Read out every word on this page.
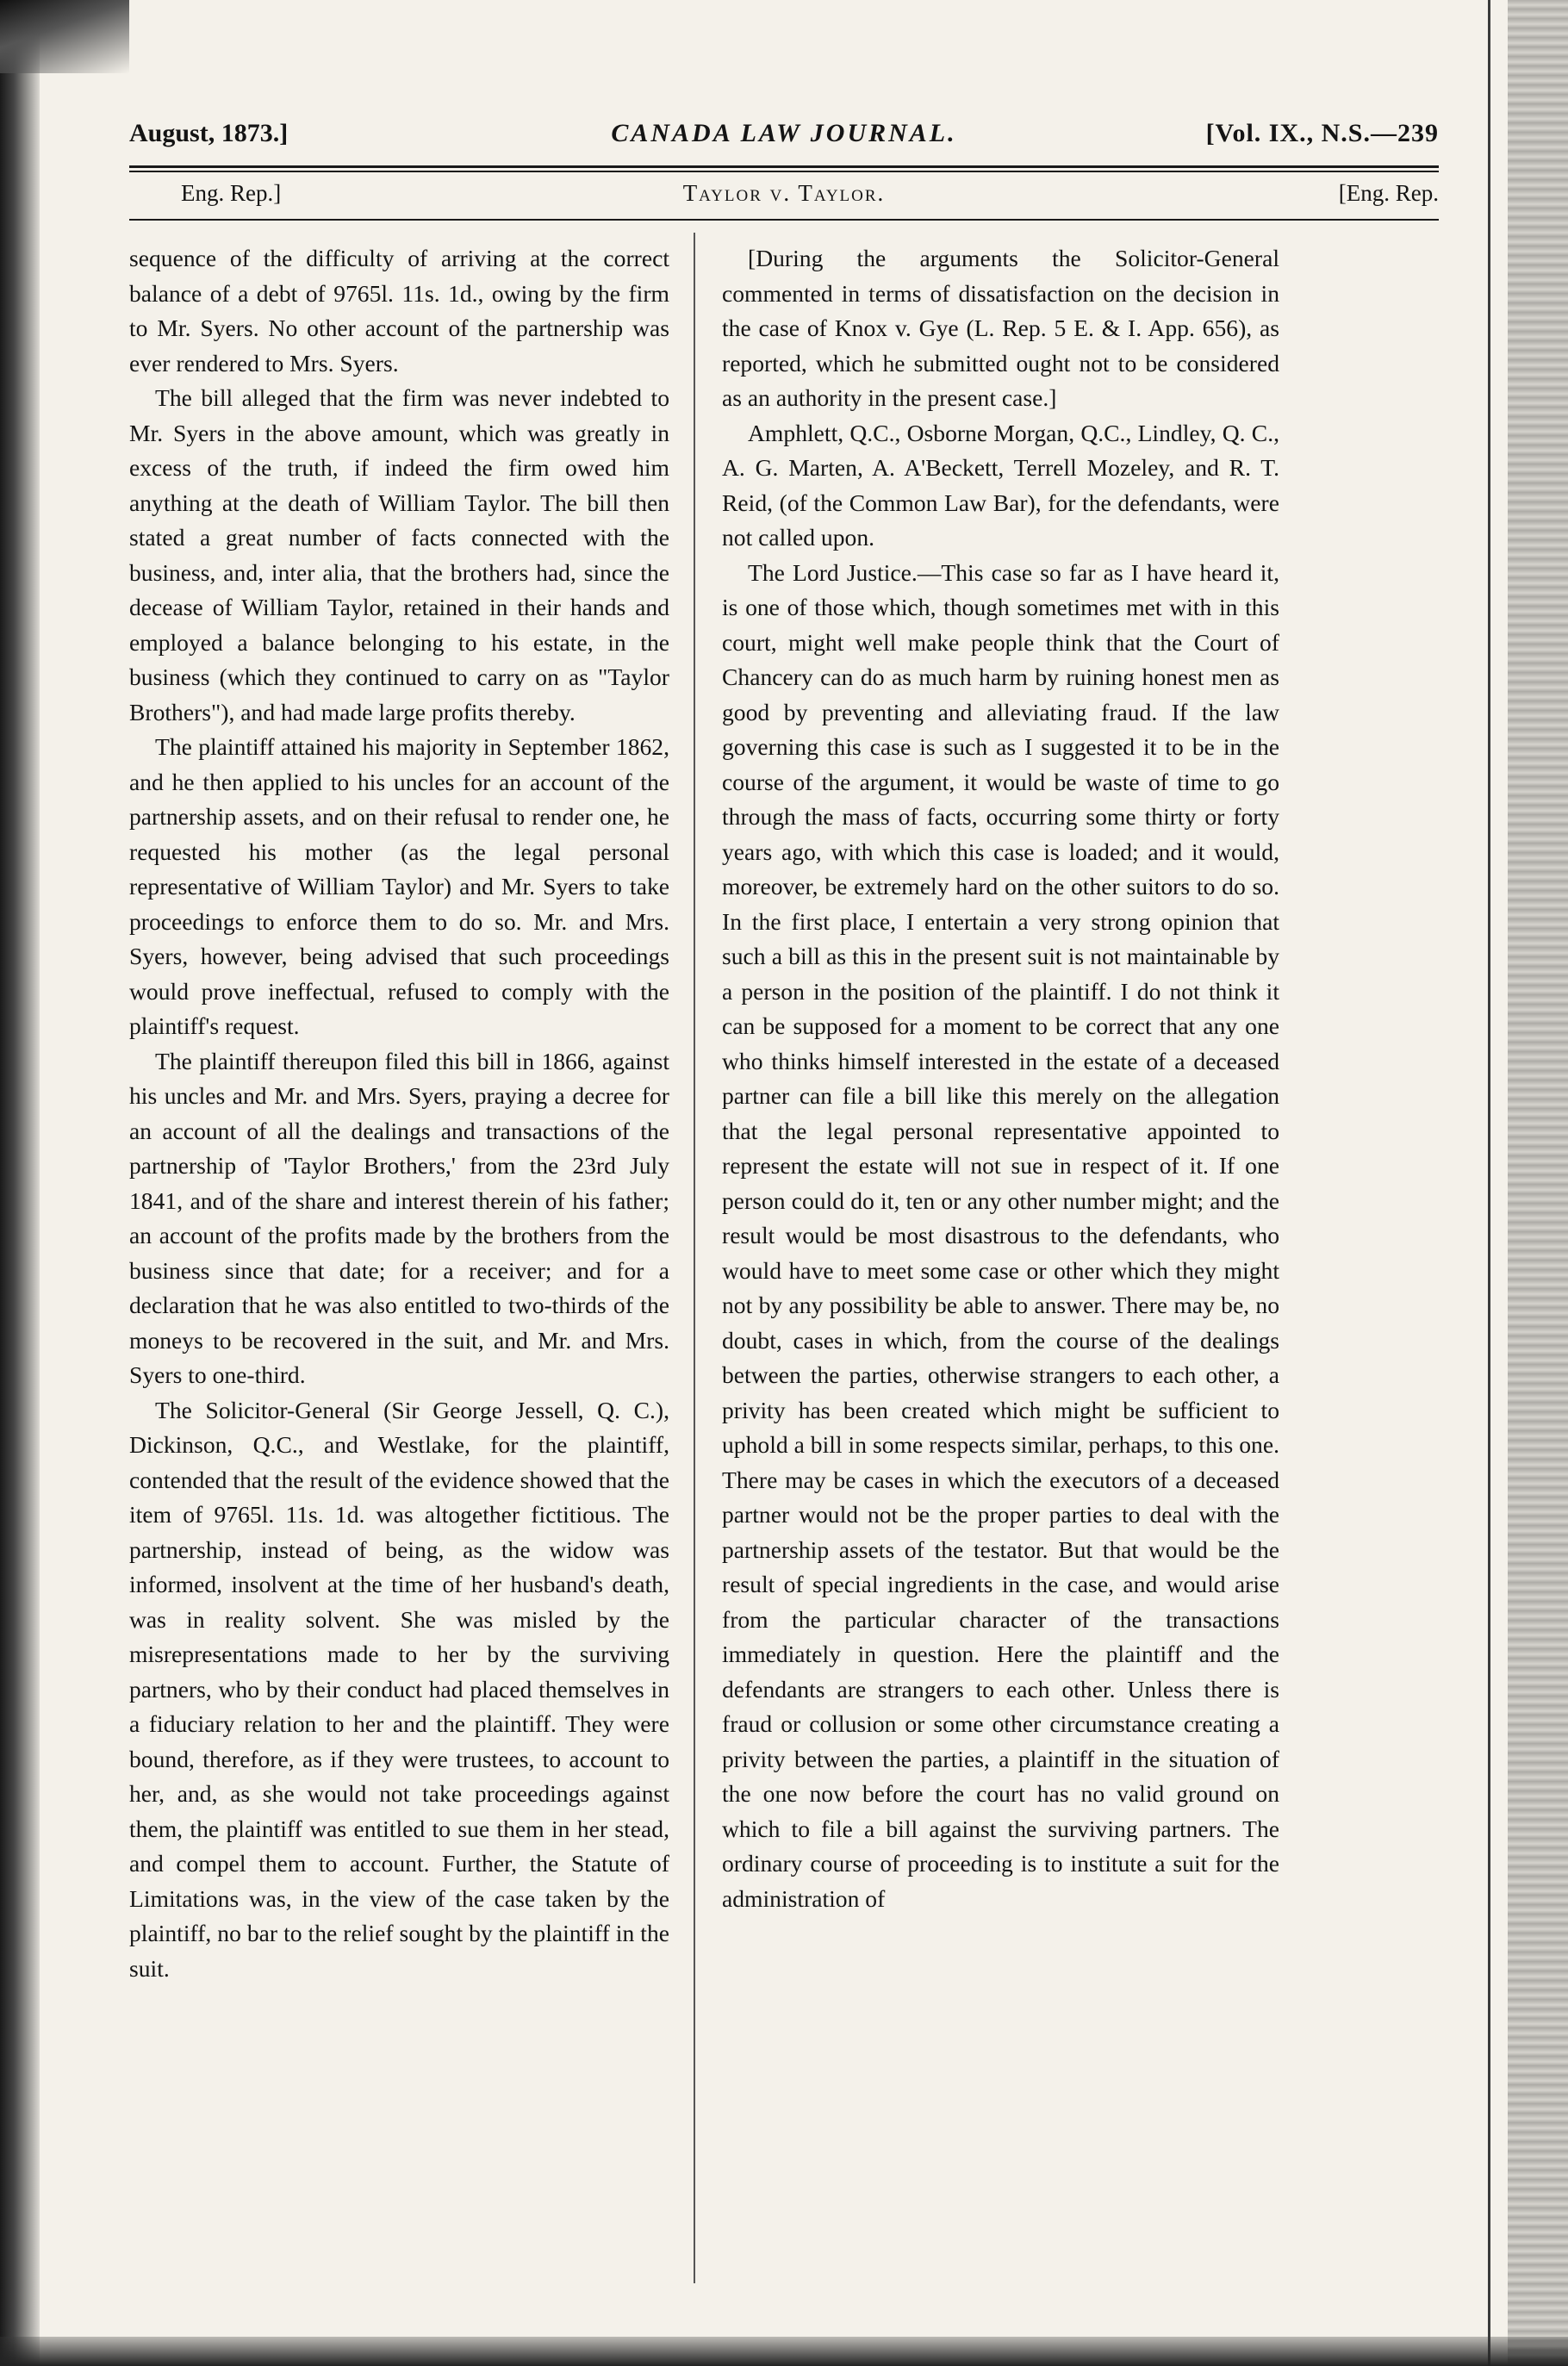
August, 1873.]	CANADA LAW JOURNAL.	[Vol. IX., N.S.—239
Eng. Rep.]	Taylor v. Taylor.	[Eng. Rep.

sequence of the difficulty of arriving at the correct balance of a debt of 9765l. 11s. 1d., owing by the firm to Mr. Syers. No other account of the partnership was ever rendered to Mrs. Syers.

The bill alleged that the firm was never indebted to Mr. Syers in the above amount, which was greatly in excess of the truth, if indeed the firm owed him anything at the death of William Taylor. The bill then stated a great number of facts connected with the business, and, inter alia, that the brothers had, since the decease of William Taylor, retained in their hands and employed a balance belonging to his estate, in the business (which they continued to carry on as "Taylor Brothers"), and had made large profits thereby.

The plaintiff attained his majority in September 1862, and he then applied to his uncles for an account of the partnership assets, and on their refusal to render one, he requested his mother (as the legal personal representative of William Taylor) and Mr. Syers to take proceedings to enforce them to do so. Mr. and Mrs. Syers, however, being advised that such proceedings would prove ineffectual, refused to comply with the plaintiff's request.

The plaintiff thereupon filed this bill in 1866, against his uncles and Mr. and Mrs. Syers, praying a decree for an account of all the dealings and transactions of the partnership of 'Taylor Brothers,' from the 23rd July 1841, and of the share and interest therein of his father; an account of the profits made by the brothers from the business since that date; for a receiver; and for a declaration that he was also entitled to two-thirds of the moneys to be recovered in the suit, and Mr. and Mrs. Syers to one-third.

The Solicitor-General (Sir George Jessell, Q. C.), Dickinson, Q.C., and Westlake, for the plaintiff, contended that the result of the evidence showed that the item of 9765l. 11s. 1d. was altogether fictitious. The partnership, instead of being, as the widow was informed, insolvent at the time of her husband's death, was in reality solvent. She was misled by the misrepresentations made to her by the surviving partners, who by their conduct had placed themselves in a fiduciary relation to her and the plaintiff. They were bound, therefore, as if they were trustees, to account to her, and, as she would not take proceedings against them, the plaintiff was entitled to sue them in her stead, and compel them to account. Further, the Statute of Limitations was, in the view of the case taken by the plaintiff, no bar to the relief sought by the plaintiff in the suit.

[During the arguments the Solicitor-General commented in terms of dissatisfaction on the decision in the case of Knox v. Gye (L. Rep. 5 E. & I. App. 656), as reported, which he submitted ought not to be considered as an authority in the present case.]

Amphlett, Q.C., Osborne Morgan, Q.C., Lindley, Q. C., A. G. Marten, A. A'Beckett, Terrell Mozeley, and R. T. Reid, (of the Common Law Bar), for the defendants, were not called upon.

The Lord Justice.—This case so far as I have heard it, is one of those which, though sometimes met with in this court, might well make people think that the Court of Chancery can do as much harm by ruining honest men as good by preventing and alleviating fraud. If the law governing this case is such as I suggested it to be in the course of the argument, it would be waste of time to go through the mass of facts, occurring some thirty or forty years ago, with which this case is loaded; and it would, moreover, be extremely hard on the other suitors to do so. In the first place, I entertain a very strong opinion that such a bill as this in the present suit is not maintainable by a person in the position of the plaintiff. I do not think it can be supposed for a moment to be correct that any one who thinks himself interested in the estate of a deceased partner can file a bill like this merely on the allegation that the legal personal representative appointed to represent the estate will not sue in respect of it. If one person could do it, ten or any other number might; and the result would be most disastrous to the defendants, who would have to meet some case or other which they might not by any possibility be able to answer. There may be, no doubt, cases in which, from the course of the dealings between the parties, otherwise strangers to each other, a privity has been created which might be sufficient to uphold a bill in some respects similar, perhaps, to this one. There may be cases in which the executors of a deceased partner would not be the proper parties to deal with the partnership assets of the testator. But that would be the result of special ingredients in the case, and would arise from the particular character of the transactions immediately in question. Here the plaintiff and the defendants are strangers to each other. Unless there is fraud or collusion or some other circumstance creating a privity between the parties, a plaintiff in the situation of the one now before the court has no valid ground on which to file a bill against the surviving partners. The ordinary course of proceeding is to institute a suit for the administration of
